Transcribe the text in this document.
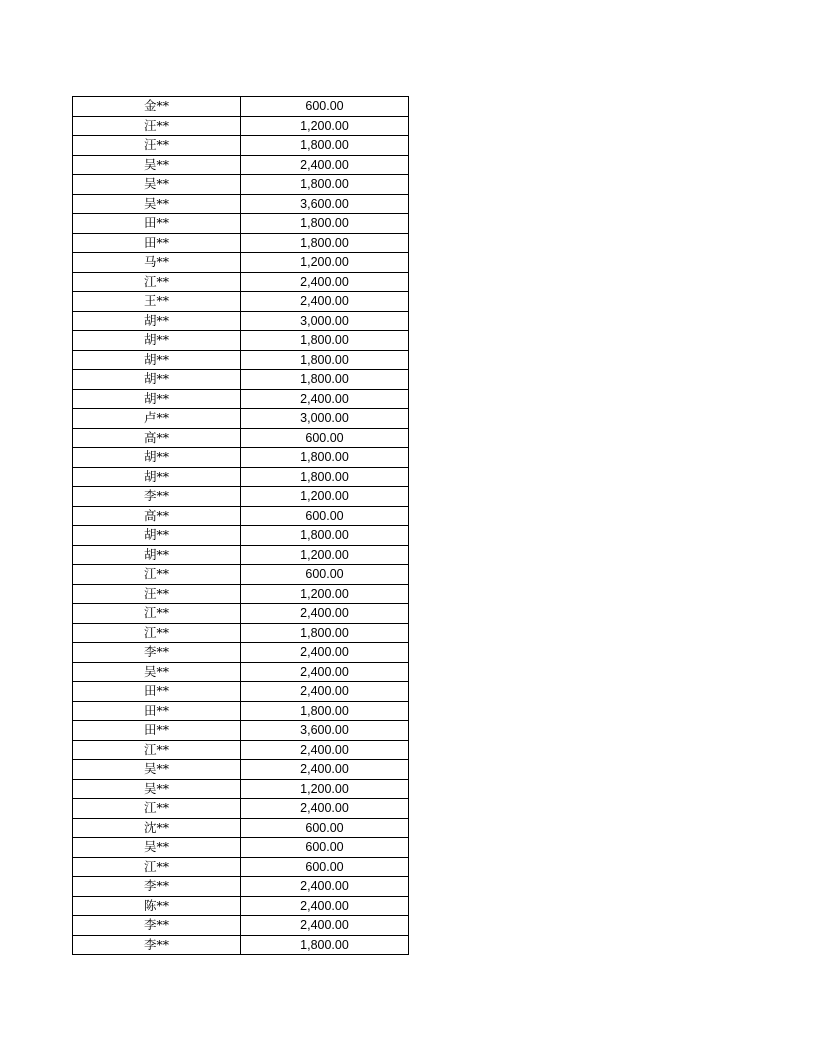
金**	600.00
汪**	1,200.00
汪**	1,800.00
吴**	2,400.00
吴**	1,800.00
吴**	3,600.00
田**	1,800.00
田**	1,800.00
马**	1,200.00
江**	2,400.00
王**	2,400.00
胡**	3,000.00
胡**	1,800.00
胡**	1,800.00
胡**	1,800.00
胡**	2,400.00
卢**	3,000.00
高**	600.00
胡**	1,800.00
胡**	1,800.00
李**	1,200.00
高**	600.00
胡**	1,800.00
胡**	1,200.00
江**	600.00
汪**	1,200.00
江**	2,400.00
江**	1,800.00
李**	2,400.00
吴**	2,400.00
田**	2,400.00
田**	1,800.00
田**	3,600.00
江**	2,400.00
吴**	2,400.00
吴**	1,200.00
江**	2,400.00
沈**	600.00
吴**	600.00
江**	600.00
李**	2,400.00
陈**	2,400.00
李**	2,400.00
李**	1,800.00
